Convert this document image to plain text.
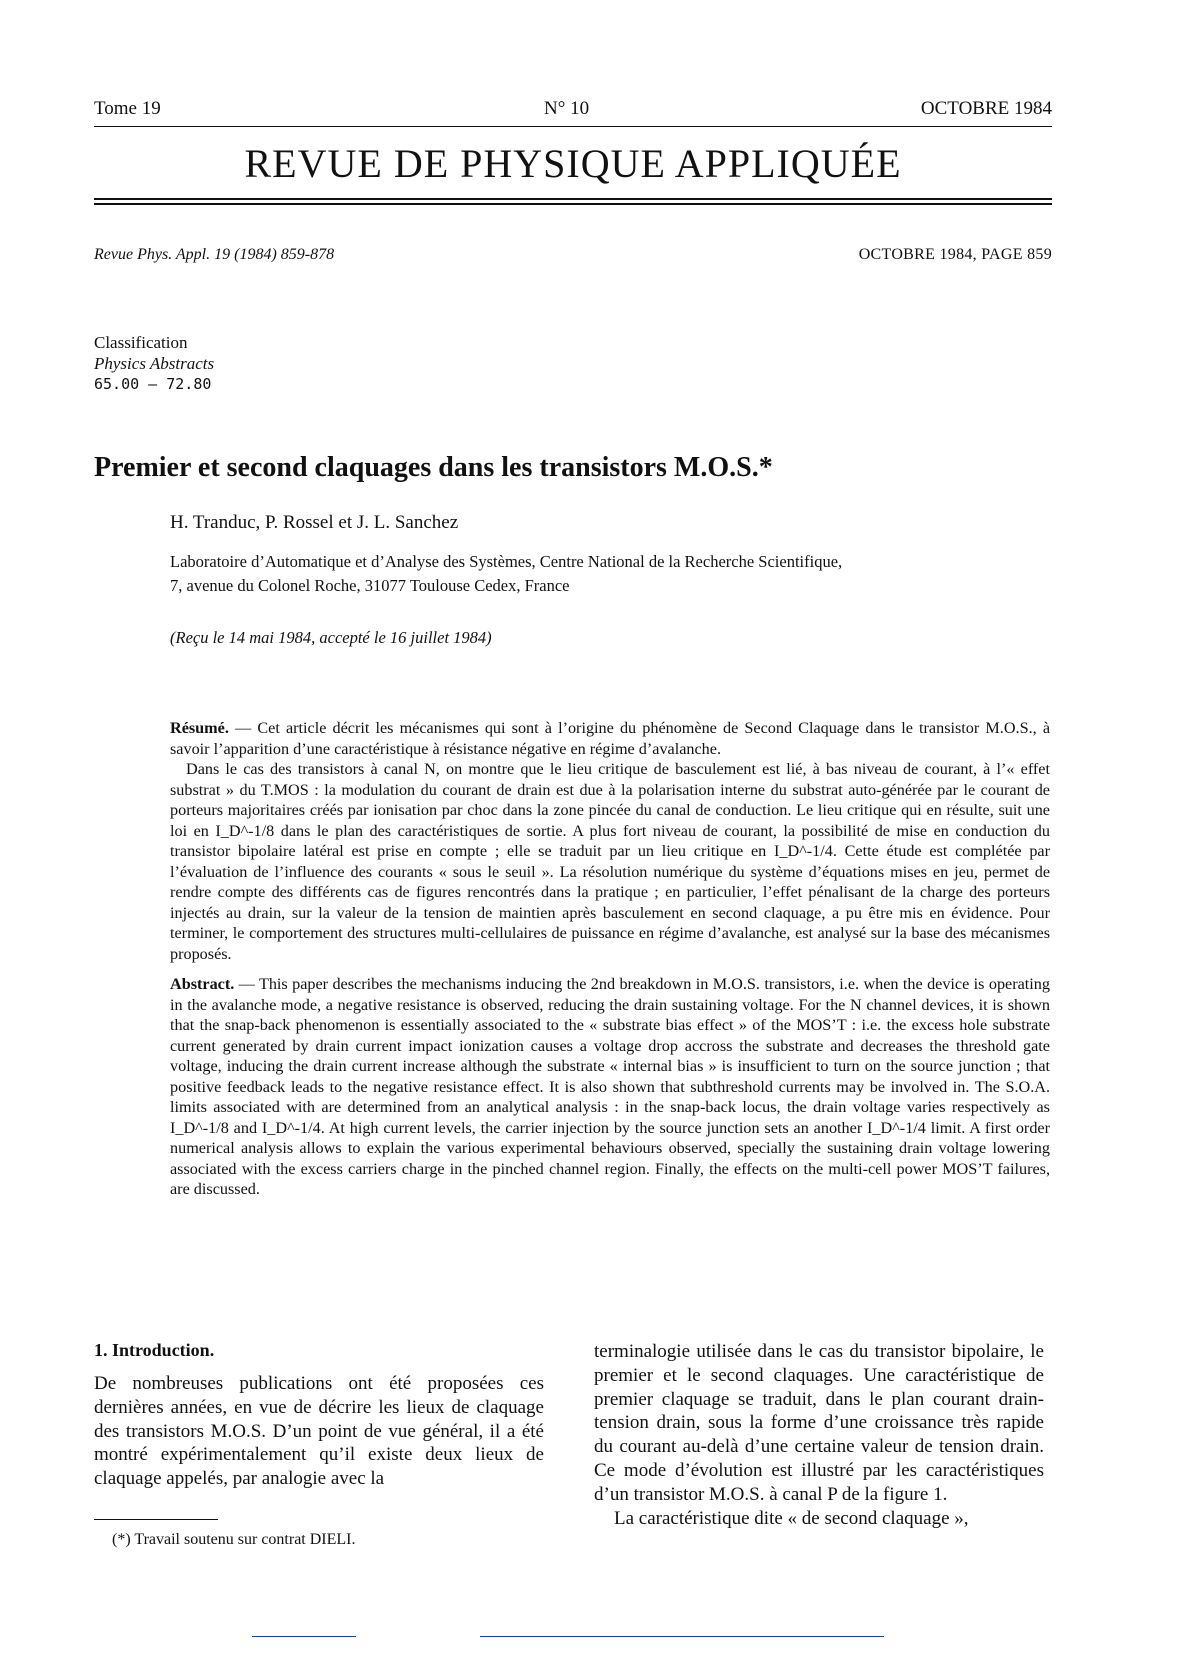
Tome 19	N° 10	OCTOBRE 1984
REVUE DE PHYSIQUE APPLIQUÉE
Revue Phys. Appl. 19 (1984) 859-878	OCTOBRE 1984, PAGE 859
Classification
Physics Abstracts
65.00 — 72.80
Premier et second claquages dans les transistors M.O.S.*
H. Tranduc, P. Rossel et J. L. Sanchez
Laboratoire d’Automatique et d’Analyse des Systèmes, Centre National de la Recherche Scientifique,
7, avenue du Colonel Roche, 31077 Toulouse Cedex, France
(Reçu le 14 mai 1984, accepté le 16 juillet 1984)

Résumé. — Cet article décrit les mécanismes qui sont à l’origine du phénomène de Second Claquage dans le transistor M.O.S., à savoir l’apparition d’une caractéristique à résistance négative en régime d’avalanche.

Dans le cas des transistors à canal N, on montre que le lieu critique de basculement est lié, à bas niveau de courant, à l’« effet substrat » du T.MOS : la modulation du courant de drain est due à la polarisation interne du substrat auto-générée par le courant de porteurs majoritaires créés par ionisation par choc dans la zone pincée du canal de conduction. Le lieu critique qui en résulte, suit une loi en I_D^-1/8 dans le plan des caractéristiques de sortie. A plus fort niveau de courant, la possibilité de mise en conduction du transistor bipolaire latéral est prise en compte ; elle se traduit par un lieu critique en I_D^-1/4. Cette étude est complétée par l’évaluation de l’influence des courants « sous le seuil ». La résolution numérique du système d’équations mises en jeu, permet de rendre compte des différents cas de figures rencontrés dans la pratique ; en particulier, l’effet pénalisant de la charge des porteurs injectés au drain, sur la valeur de la tension de maintien après basculement en second claquage, a pu être mis en évidence. Pour terminer, le comportement des structures multi-cellulaires de puissance en régime d’avalanche, est analysé sur la base des mécanismes proposés.

Abstract. — This paper describes the mechanisms inducing the 2nd breakdown in M.O.S. transistors, i.e. when the device is operating in the avalanche mode, a negative resistance is observed, reducing the drain sustaining voltage. For the N channel devices, it is shown that the snap-back phenomenon is essentially associated to the « substrate bias effect » of the MOS’T : i.e. the excess hole substrate current generated by drain current impact ionization causes a voltage drop accross the substrate and decreases the threshold gate voltage, inducing the drain current increase although the substrate « internal bias » is insufficient to turn on the source junction ; that positive feedback leads to the negative resistance effect. It is also shown that subthreshold currents may be involved in. The S.O.A. limits associated with are determined from an analytical analysis : in the snap-back locus, the drain voltage varies respectively as I_D^-1/8 and I_D^-1/4. At high current levels, the carrier injection by the source junction sets an another I_D^-1/4 limit. A first order numerical analysis allows to explain the various experimental behaviours observed, specially the sustaining drain voltage lowering associated with the excess carriers charge in the pinched channel region. Finally, the effects on the multi-cell power MOS’T failures, are discussed.

1. Introduction.

De nombreuses publications ont été proposées ces dernières années, en vue de décrire les lieux de claquage des transistors M.O.S. D’un point de vue général, il a été montré expérimentalement qu’il existe deux lieux de claquage appelés, par analogie avec la

terminalogie utilisée dans le cas du transistor bipolaire, le premier et le second claquages. Une caractéristique de premier claquage se traduit, dans le plan courant drain-tension drain, sous la forme d’une croissance très rapide du courant au-delà d’une certaine valeur de tension drain. Ce mode d’évolution est illustré par les caractéristiques d’un transistor M.O.S. à canal P de la figure 1.

La caractéristique dite « de second claquage »,

(*) Travail soutenu sur contrat DIELI.
